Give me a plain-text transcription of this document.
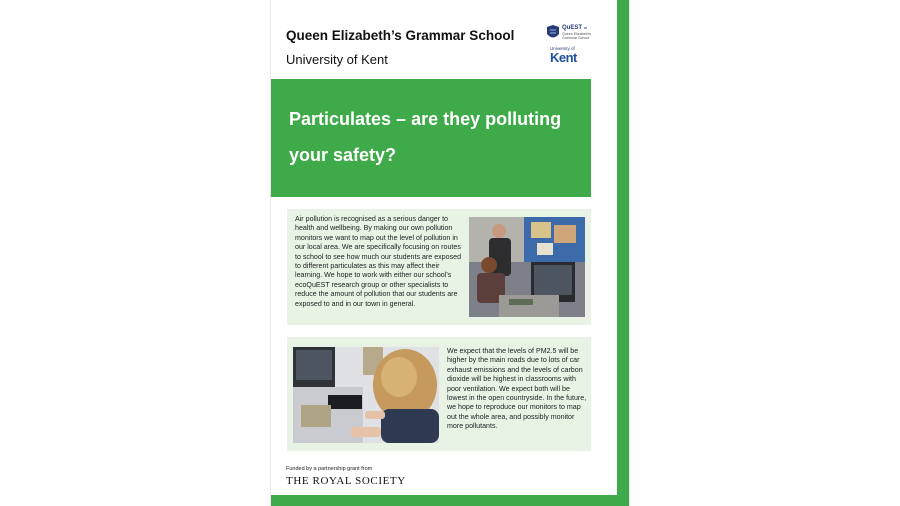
Queen Elizabeth’s Grammar School
University of Kent
QuEST at
Queen Elizabeth's Grammar School
University of
Kent
Particulates – are they polluting
your safety?
Air pollution is recognised as a serious danger to health and wellbeing. By making our own pollution monitors we want to map out the level of pollution in our local area. We are specifically focusing on routes to school to see how much our students are exposed to different particulates as this may affect their learning. We hope to work with either our school’s ecoQuEST research group or other specialists to reduce the amount of pollution that our students are exposed to and in our town in general.
We expect that the levels of PM2.5 will be higher by the main roads due to lots of car exhaust emissions and the levels of carbon dioxide will be highest in classrooms with poor ventilation. We expect both will be lowest in the open countryside. In the future, we hope to reproduce our monitors to map out the whole area, and possibly monitor more pollutants.
Funded by a partnership grant from
THE ROYAL SOCIETY
